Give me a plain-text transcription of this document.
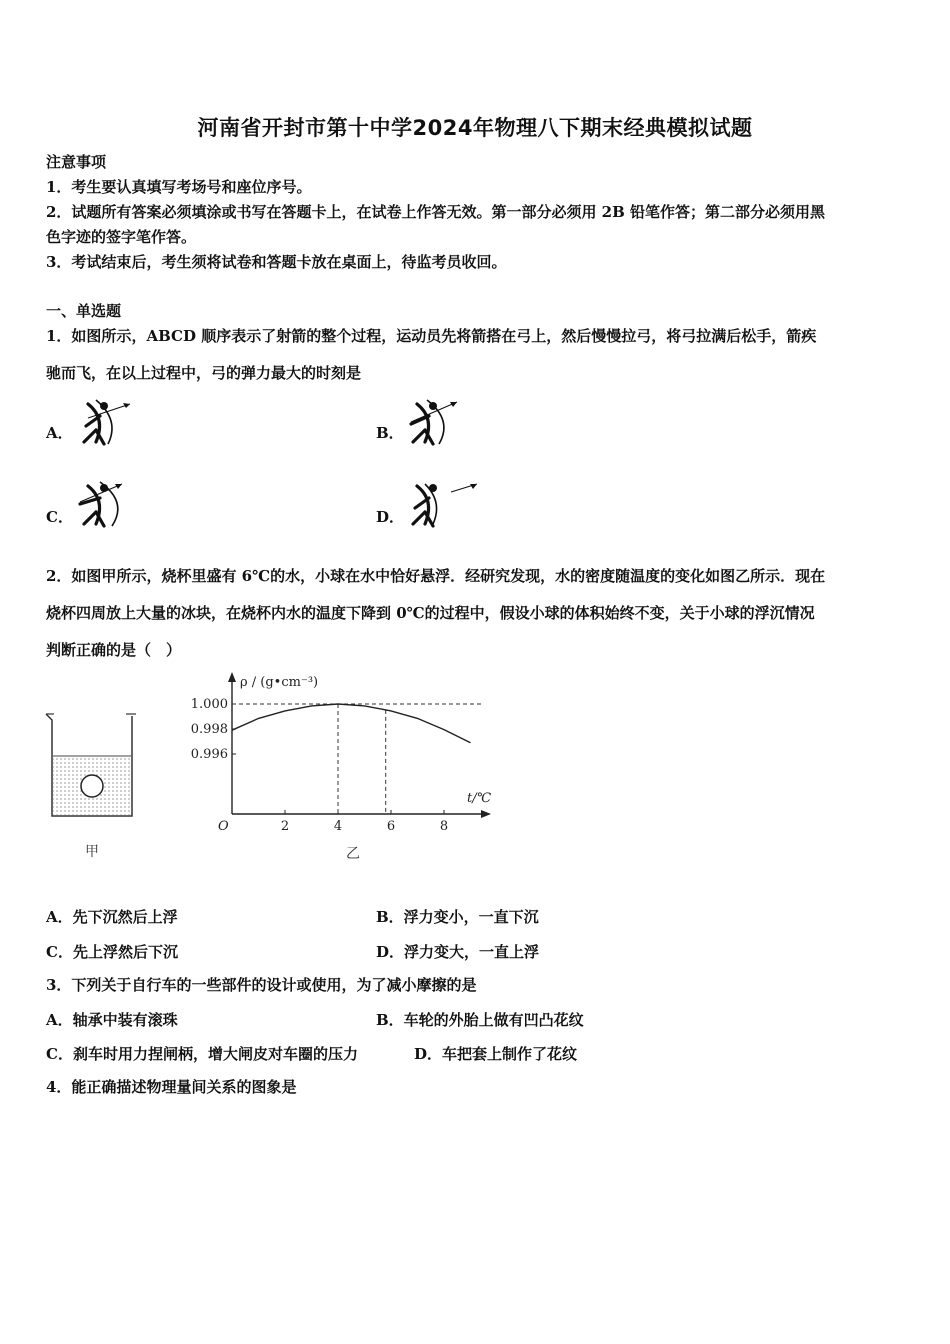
河南省开封市第十中学2024年物理八下期末经典模拟试题
注意事项
1．考生要认真填写考场号和座位序号。
2．试题所有答案必须填涂或书写在答题卡上，在试卷上作答无效。第一部分必须用 2B 铅笔作答；第二部分必须用黑
色字迹的签字笔作答。
3．考试结束后，考生须将试卷和答题卡放在桌面上，待监考员收回。
一、单选题
1．如图所示，ABCD 顺序表示了射箭的整个过程，运动员先将箭搭在弓上，然后慢慢拉弓，将弓拉满后松手，箭疾
驰而飞，在以上过程中，弓的弹力最大的时刻是
A．	B．
C．	D．
2．如图甲所示，烧杯里盛有 6℃的水，小球在水中恰好悬浮．经研究发现，水的密度随温度的变化如图乙所示．现在
烧杯四周放上大量的冰块，在烧杯内水的温度下降到 0℃的过程中，假设小球的体积始终不变，关于小球的浮沉情况
判断正确的是（　）
甲
ρ / (g•cm⁻³)
t/℃
O	2	4	6	8
1.000
0.998
0.996
乙
A．先下沉然后上浮	B．浮力变小，一直下沉
C．先上浮然后下沉	D．浮力变大，一直上浮
3．下列关于自行车的一些部件的设计或使用，为了减小摩擦的是
A．轴承中装有滚珠	B．车轮的外胎上做有凹凸花纹
C．刹车时用力捏闸柄，增大闸皮对车圈的压力	D．车把套上制作了花纹
4．能正确描述物理量间关系的图象是
